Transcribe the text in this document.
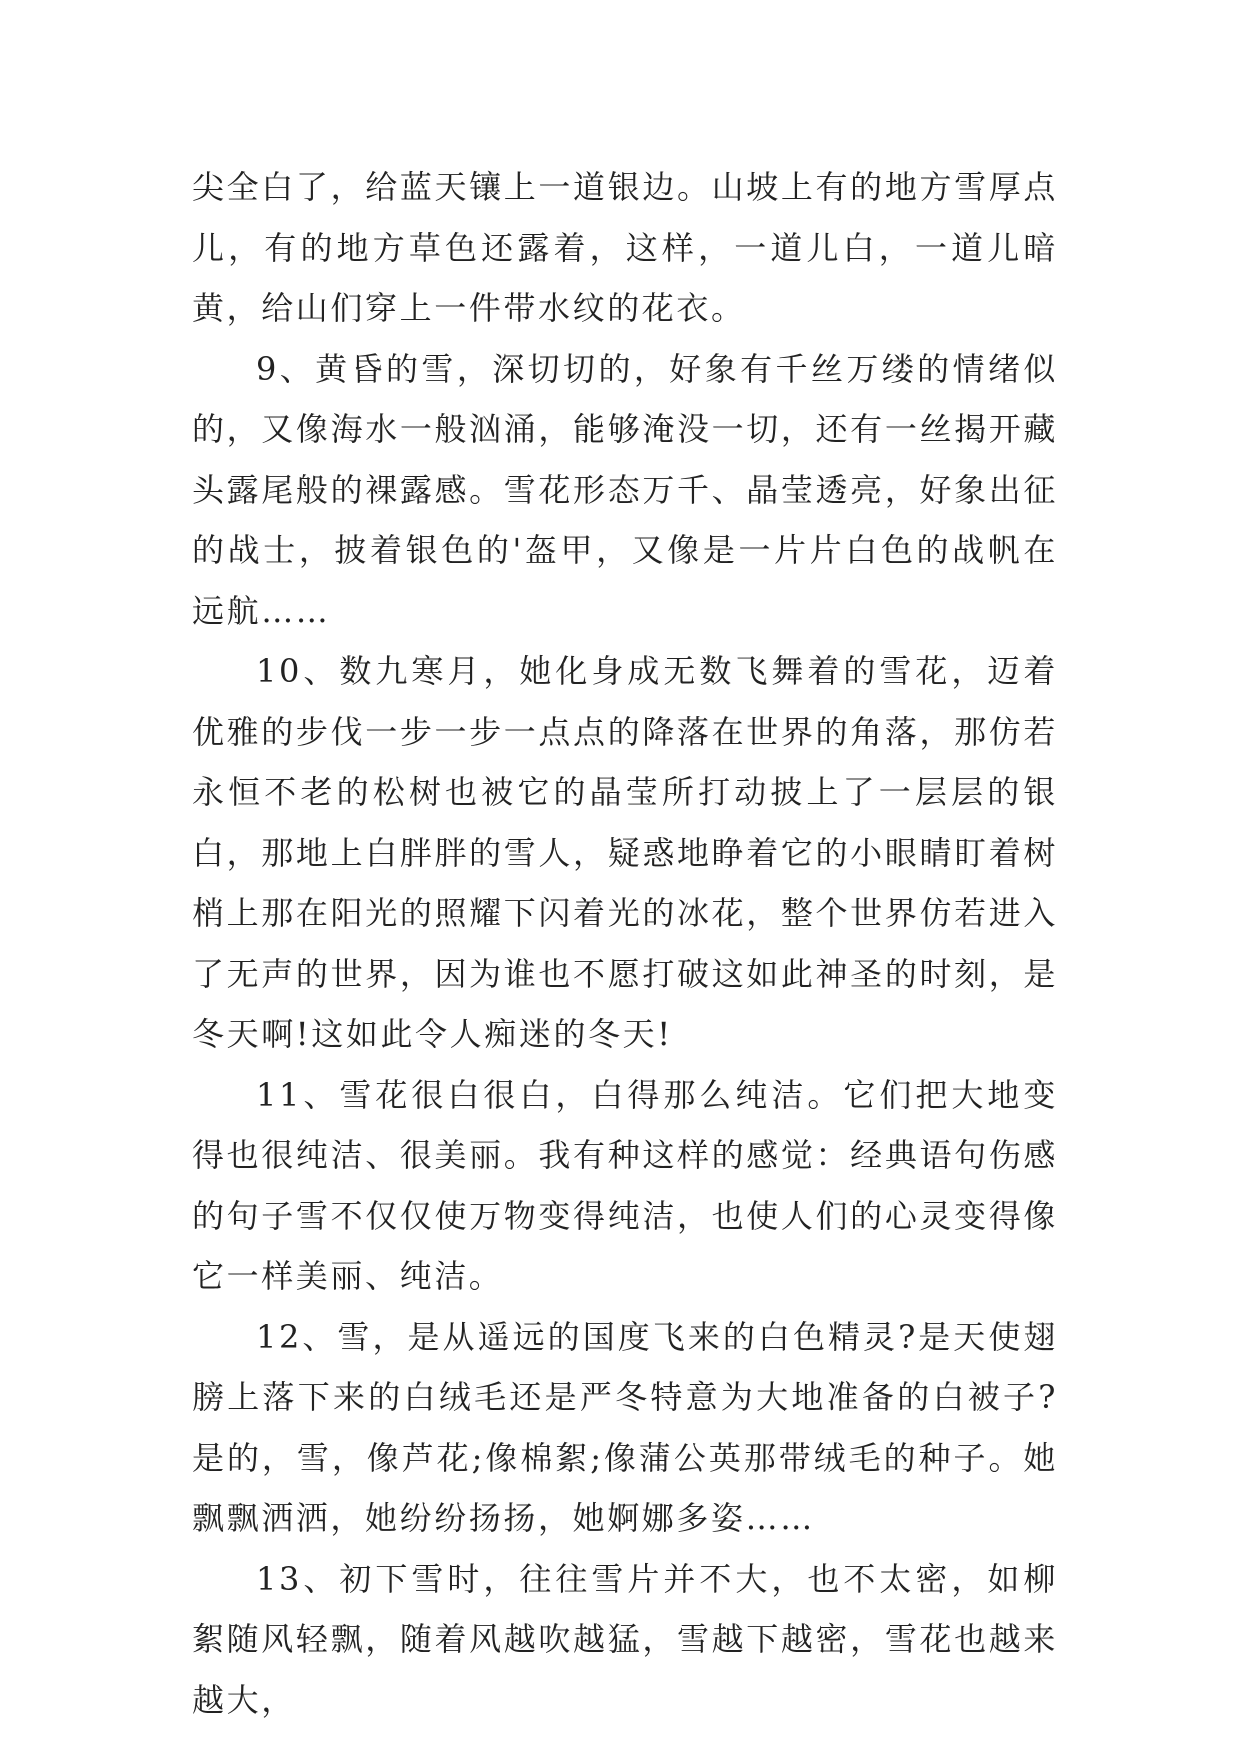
尖全白了，给蓝天镶上一道银边。山坡上有的地方雪厚点儿，有的地方草色还露着，这样，一道儿白，一道儿暗黄，给山们穿上一件带水纹的花衣。

9、黄昏的雪，深切切的，好象有千丝万缕的情绪似的，又像海水一般汹涌，能够淹没一切，还有一丝揭开藏头露尾般的裸露感。雪花形态万千、晶莹透亮，好象出征的战士，披着银色的'盔甲，又像是一片片白色的战帆在远航……

10、数九寒月，她化身成无数飞舞着的雪花，迈着优雅的步伐一步一步一点点的降落在世界的角落，那仿若永恒不老的松树也被它的晶莹所打动披上了一层层的银白，那地上白胖胖的雪人，疑惑地睁着它的小眼睛盯着树梢上那在阳光的照耀下闪着光的冰花，整个世界仿若进入了无声的世界，因为谁也不愿打破这如此神圣的时刻，是冬天啊!这如此令人痴迷的冬天!

11、雪花很白很白，白得那么纯洁。它们把大地变得也很纯洁、很美丽。我有种这样的感觉：经典语句伤感的句子雪不仅仅使万物变得纯洁，也使人们的心灵变得像它一样美丽、纯洁。

12、雪，是从遥远的国度飞来的白色精灵?是天使翅膀上落下来的白绒毛还是严冬特意为大地准备的白被子?是的，雪，像芦花;像棉絮;像蒲公英那带绒毛的种子。她飘飘洒洒，她纷纷扬扬，她婀娜多姿……

13、初下雪时，往往雪片并不大，也不太密，如柳絮随风轻飘，随着风越吹越猛，雪越下越密，雪花也越来越大，
